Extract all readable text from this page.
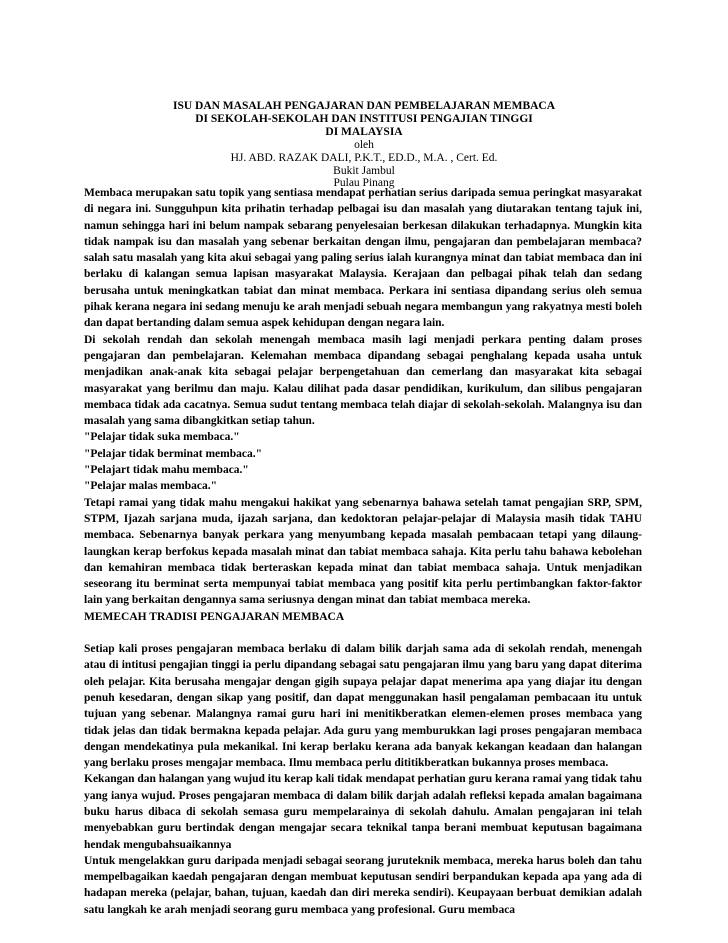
ISU DAN MASALAH PENGAJARAN DAN PEMBELAJARAN MEMBACA
DI SEKOLAH-SEKOLAH DAN INSTITUSI PENGAJIAN TINGGI
DI MALAYSIA
oleh
HJ. ABD. RAZAK DALI, P.K.T., ED.D., M.A. , Cert. Ed.
Bukit Jambul
Pulau Pinang

Membaca merupakan satu topik yang sentiasa mendapat perhatian serius daripada semua peringkat masyarakat di negara ini. Sungguhpun kita prihatin terhadap pelbagai isu dan masalah yang diutarakan tentang tajuk ini, namun sehingga hari ini belum nampak sebarang penyelesaian berkesan dilakukan terhadapnya. Mungkin kita tidak nampak isu dan masalah yang sebenar berkaitan dengan ilmu, pengajaran dan pembelajaran membaca? salah satu masalah yang kita akui sebagai yang paling serius ialah kurangnya minat dan tabiat membaca dan ini berlaku di kalangan semua lapisan masyarakat Malaysia. Kerajaan dan pelbagai pihak telah dan sedang berusaha untuk meningkatkan tabiat dan minat membaca. Perkara ini sentiasa dipandang serius oleh semua pihak kerana negara ini sedang menuju ke arah menjadi sebuah negara membangun yang rakyatnya mesti boleh dan dapat bertanding dalam semua aspek kehidupan dengan negara lain.

Di sekolah rendah dan sekolah menengah membaca masih lagi menjadi perkara penting dalam proses pengajaran dan pembelajaran. Kelemahan membaca dipandang sebagai penghalang kepada usaha untuk menjadikan anak-anak kita sebagai pelajar berpengetahuan dan cemerlang dan masyarakat kita sebagai masyarakat yang berilmu dan maju. Kalau dilihat pada dasar pendidikan, kurikulum, dan silibus pengajaran membaca tidak ada cacatnya. Semua sudut tentang membaca telah diajar di sekolah-sekolah. Malangnya isu dan masalah yang sama dibangkitkan setiap tahun.

"Pelajar tidak suka membaca."

"Pelajar tidak berminat membaca."

"Pelajart tidak mahu membaca."

"Pelajar malas membaca."

Tetapi ramai yang tidak mahu mengakui hakikat yang sebenarnya bahawa setelah tamat pengajian SRP, SPM, STPM, Ijazah sarjana muda, ijazah sarjana, dan kedoktoran pelajar-pelajar di Malaysia masih tidak TAHU membaca. Sebenarnya banyak perkara yang menyumbang kepada masalah pembacaan tetapi yang dilaung-laungkan kerap berfokus kepada masalah minat dan tabiat membaca sahaja. Kita perlu tahu bahawa kebolehan dan kemahiran membaca tidak berteraskan kepada minat dan tabiat membaca sahaja. Untuk menjadikan seseorang itu berminat serta mempunyai tabiat membaca yang positif kita perlu pertimbangkan faktor-faktor lain yang berkaitan dengannya sama seriusnya dengan minat dan tabiat membaca mereka.

MEMECAH TRADISI PENGAJARAN MEMBACA

Setiap kali proses pengajaran membaca berlaku di dalam bilik darjah sama ada di sekolah rendah, menengah atau di intitusi pengajian tinggi ia perlu dipandang sebagai satu pengajaran ilmu yang baru yang dapat diterima oleh pelajar. Kita berusaha mengajar dengan gigih supaya pelajar dapat menerima apa yang diajar itu dengan penuh kesedaran, dengan sikap yang positif, dan dapat menggunakan hasil pengalaman pembacaan itu untuk tujuan yang sebenar. Malangnya ramai guru hari ini menitikberatkan elemen-elemen proses membaca yang tidak jelas dan tidak bermakna kepada pelajar. Ada guru yang memburukkan lagi proses pengajaran membaca dengan mendekatinya pula mekanikal. Ini kerap berlaku kerana ada banyak kekangan keadaan dan halangan yang berlaku proses mengajar membaca. Ilmu membaca perlu dititikberatkan bukannya proses membaca.

Kekangan dan halangan yang wujud itu kerap kali tidak mendapat perhatian guru kerana ramai yang tidak tahu yang ianya wujud. Proses pengajaran membaca di dalam bilik darjah adalah refleksi kepada amalan bagaimana buku harus dibaca di sekolah semasa guru mempelarainya di sekolah dahulu. Amalan pengajaran ini telah menyebabkan guru bertindak dengan mengajar secara teknikal tanpa berani membuat keputusan bagaimana hendak mengubahsuaikannya

Untuk mengelakkan guru daripada menjadi sebagai seorang juruteknik membaca, mereka harus boleh dan tahu mempelbagaikan kaedah pengajaran dengan membuat keputusan sendiri berpandukan kepada apa yang ada di hadapan mereka (pelajar, bahan, tujuan, kaedah dan diri mereka sendiri). Keupayaan berbuat demikian adalah satu langkah ke arah menjadi seorang guru membaca yang profesional. Guru membaca
